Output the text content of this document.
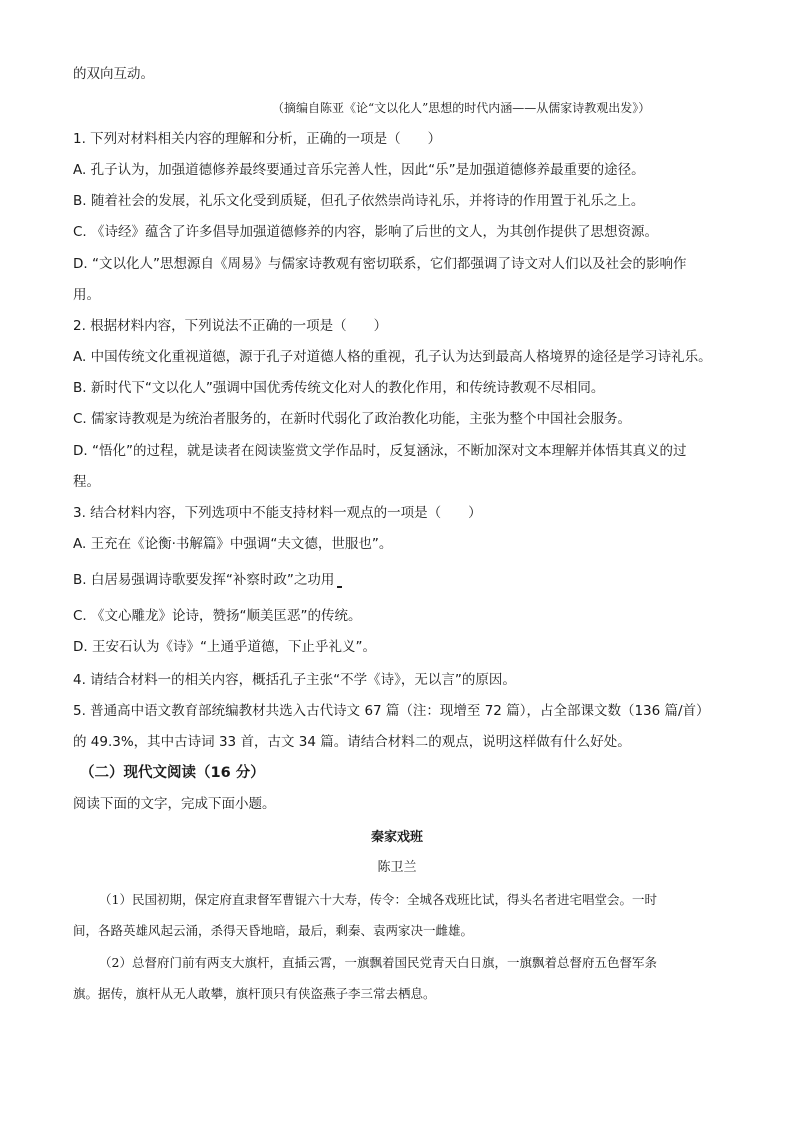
的双向互动。
（摘编自陈亚《论“文以化人”思想的时代内涵——从儒家诗教观出发》）
1. 下列对材料相关内容的理解和分析，正确的一项是（　　）
A. 孔子认为，加强道德修养最终要通过音乐完善人性，因此“乐”是加强道德修养最重要的途径。
B. 随着社会的发展，礼乐文化受到质疑，但孔子依然崇尚诗礼乐，并将诗的作用置于礼乐之上。
C. 《诗经》蕴含了许多倡导加强道德修养的内容，影响了后世的文人，为其创作提供了思想资源。
D. “文以化人”思想源自《周易》与儒家诗教观有密切联系，它们都强调了诗文对人们以及社会的影响作
用。
2. 根据材料内容，下列说法不正确的一项是（　　）
A. 中国传统文化重视道德，源于孔子对道德人格的重视，孔子认为达到最高人格境界的途径是学习诗礼乐。
B. 新时代下“文以化人”强调中国优秀传统文化对人的教化作用，和传统诗教观不尽相同。
C. 儒家诗教观是为统治者服务的，在新时代弱化了政治教化功能，主张为整个中国社会服务。
D. “悟化”的过程，就是读者在阅读鉴赏文学作品时，反复涵泳，不断加深对文本理解并体悟其真义的过
程。
3. 结合材料内容，下列选项中不能支持材料一观点的一项是（　　）
A. 王充在《论衡·书解篇》中强调“夫文德，世服也”。
B. 白居易强调诗歌要发挥“补察时政”之功用
C. 《文心雕龙》论诗，赞扬“顺美匡恶”的传统。
D. 王安石认为《诗》“上通乎道德，下止乎礼义”。
4. 请结合材料一的相关内容，概括孔子主张“不学《诗》，无以言”的原因。
5. 普通高中语文教育部统编教材共选入古代诗文 67 篇（注：现增至 72 篇），占全部课文数（136 篇/首）
的 49.3%，其中古诗词 33 首，古文 34 篇。请结合材料二的观点，说明这样做有什么好处。
（二）现代文阅读（16 分）
阅读下面的文字，完成下面小题。
秦家戏班
陈卫兰
（1）民国初期，保定府直隶督军曹锟六十大寿，传令：全城各戏班比试，得头名者进宅唱堂会。一时
间，各路英雄风起云涌，杀得天昏地暗，最后，剩秦、袁两家决一雌雄。
（2）总督府门前有两支大旗杆，直插云霄，一旗飘着国民党青天白日旗，一旗飘着总督府五色督军条
旗。据传，旗杆从无人敢攀，旗杆顶只有侠盗燕子李三常去栖息。
